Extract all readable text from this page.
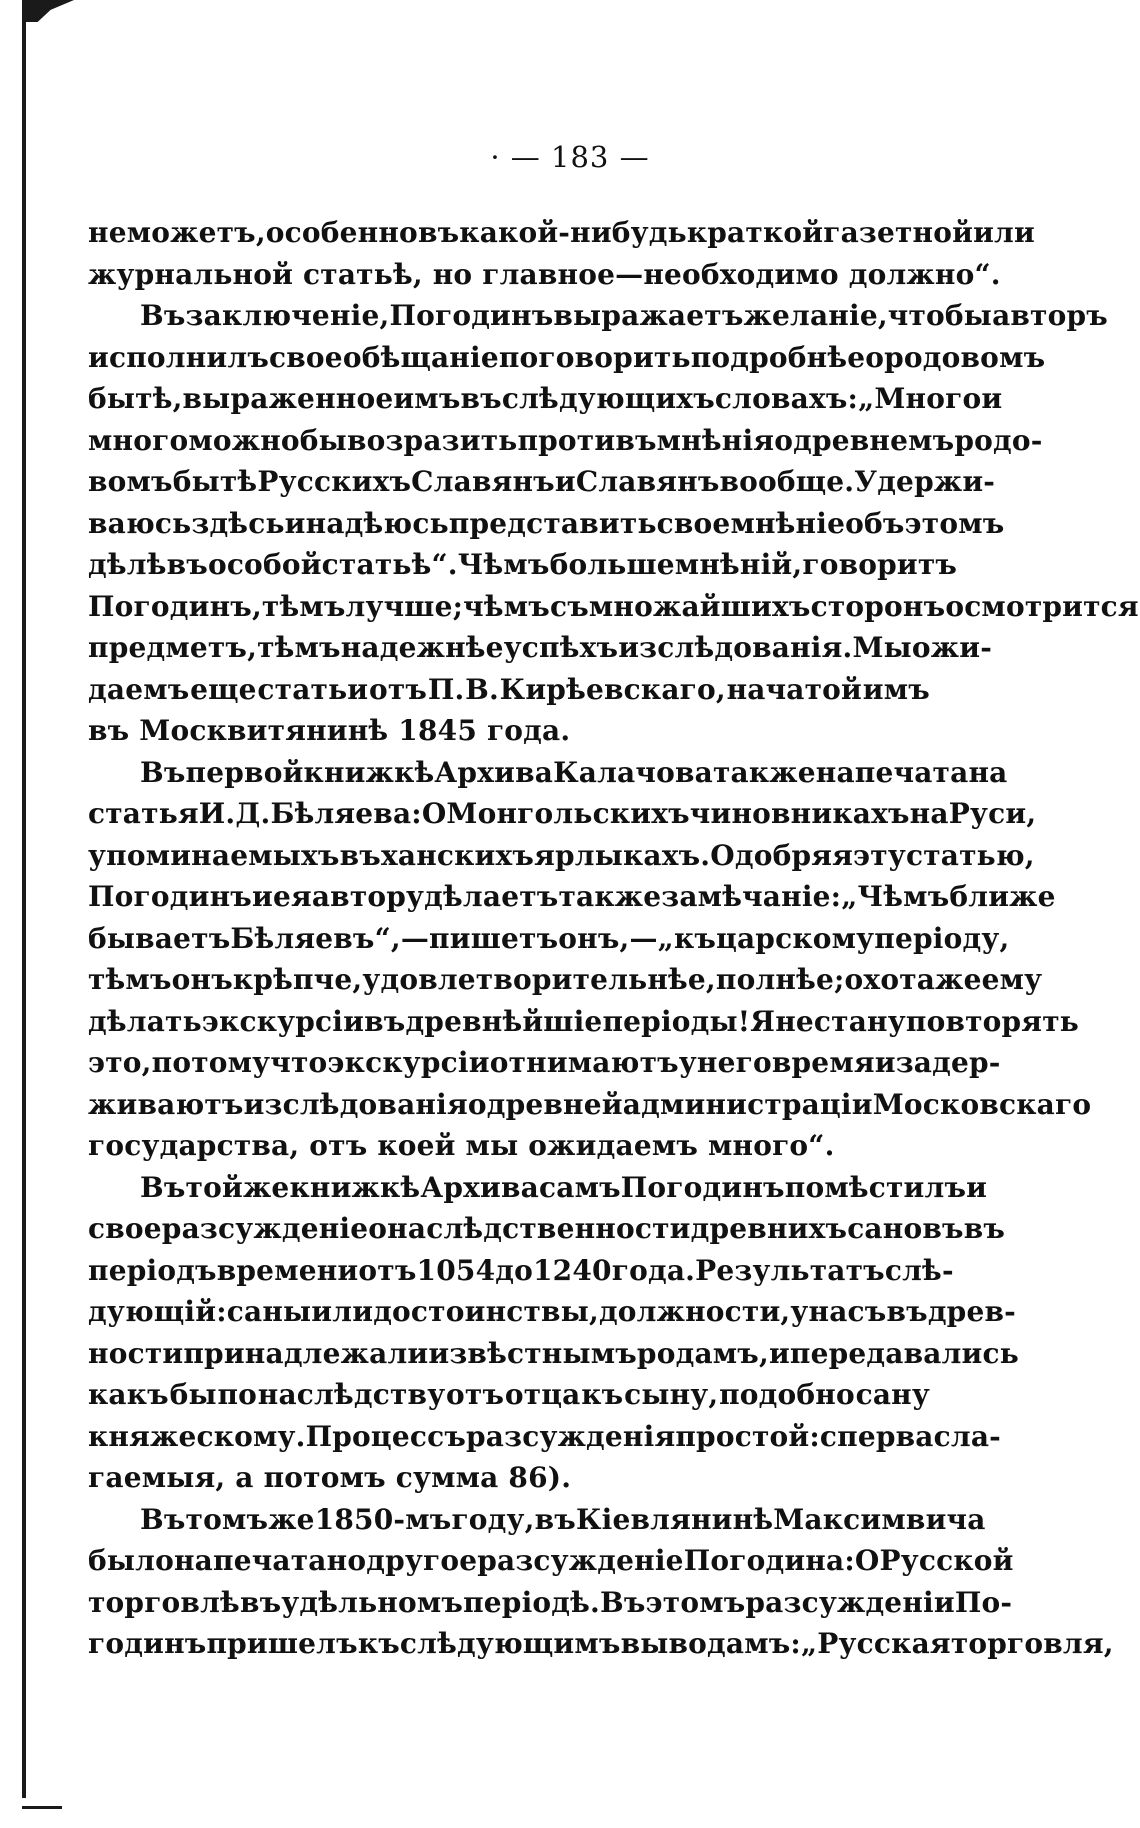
· — 183 —
не можетъ, особенно въ какой-нибудь краткой газетной или
журнальной статьѣ, но главное—необходимо должно“.
Въ заключеніе, Погодинъ выражаетъ желаніе, чтобы авторъ
исполнилъ свое обѣщаніе поговорить подробнѣе о родовомъ
бытѣ, выраженное имъ въ слѣдующихъ словахъ: „Много и
много можно бы возразить противъ мнѣнія о древнемъ родо-
вомъ бытѣ Русскихъ Славянъ и Славянъ вообще. Удержи-
ваюсь здѣсь и надѣюсь представить свое мнѣніе объ этомъ
дѣлѣ въ особой статьѣ“. Чѣмъ больше мнѣній, говоритъ
Погодинъ, тѣмъ лучше; чѣмъ съ множайшихъ сторонъ осмотрится
предметъ, тѣмъ надежнѣе успѣхъ изслѣдованія. Мы ожи-
даемъ еще статьи отъ П. В. Кирѣевскаго, начатой имъ
въ Москвитянинѣ 1845 года.
Въ первой книжкѣ Архива Калачова также напечатана
статья И. Д. Бѣляева: О Монгольскихъ чиновникахъ на Руси,
упоминаемыхъ въ ханскихъ ярлыкахъ. Одобряя эту статью,
Погодинъ и ея автору дѣлаетъ также замѣчаніе: „Чѣмъ ближе
бываетъ Бѣляевъ“, — пишетъ онъ, — „къ царскому періоду,
тѣмъ онъ крѣпче, удовлетворительнѣе, полнѣе; охота же ему
дѣлать экскурсіи въ древнѣйшіе періоды! Я не стану повторять
это, потому что экскурсіи отнимаютъ у него время и задер-
живаютъ изслѣдованія о древней администраціи Московскаго
государства, отъ коей мы ожидаемъ много“.
Въ той же книжкѣ Архива самъ Погодинъ помѣстилъ и
свое разсужденіе о наслѣдственности древнихъ сановъ въ
періодъ времени отъ 1054 до 1240 года. Результатъ слѣ-
дующій: саны или достоинствы, должности, у насъ въ древ-
ности принадлежали извѣстнымъ родамъ, и передавались
какъ бы по наслѣдству отъ отца къ сыну, подобно сану
княжескому. Процессъ разсужденія простой: сперва сла-
гаемыя, а потомъ сумма 86).
Въ томъ же 1850-мъ году, въ Кіевлянинѣ Максимвича
было напечатано другое разсужденіе Погодина: О Русской
торговлѣ въ удѣльномъ періодѣ. Въ этомъ разсужденіи По-
годинъ пришелъ къ слѣдующимъ выводамъ: „Русская торговля,
